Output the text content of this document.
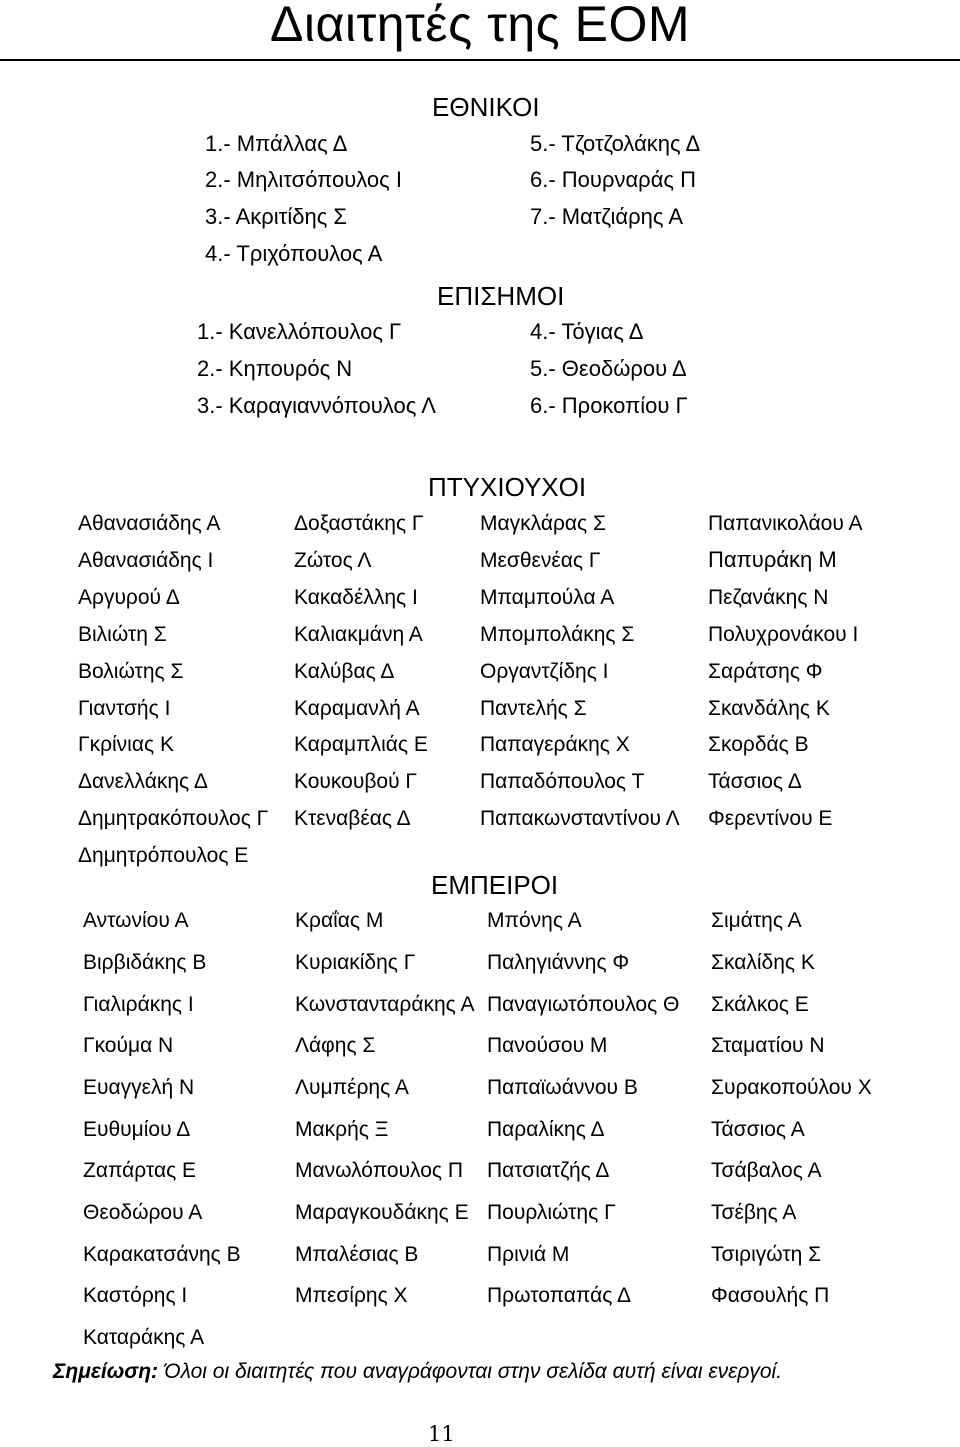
Διαιτητές της ΕΟΜ
ΕΘΝΙΚΟΙ
1.- Μπάλλας Δ
2.- Μηλιτσόπουλος Ι
3.- Ακριτίδης Σ
4.- Τριχόπουλος Α
5.- Τζοτζολάκης Δ
6.- Πουρναράς Π
7.- Ματζιάρης Α
ΕΠΙΣΗΜΟΙ
1.- Κανελλόπουλος Γ
2.- Κηπουρός Ν
3.- Καραγιαννόπουλος Λ
4.- Τόγιας Δ
5.- Θεοδώρου Δ
6.- Προκοπίου Γ
ΠΤΥΧΙΟΥΧΟΙ
Αθανασιάδης Α
Αθανασιάδης Ι
Αργυρού Δ
Βιλιώτη Σ
Βολιώτης Σ
Γιαντσής Ι
Γκρίνιας Κ
Δανελλάκης Δ
Δημητρακόπουλος Γ
Δημητρόπουλος Ε
Δοξαστάκης Γ
Ζώτος Λ
Κακαδέλλης Ι
Καλιακμάνη Α
Καλύβας Δ
Καραμανλή Α
Καραμπλιάς Ε
Κουκουβού Γ
Κτεναβέας Δ
Μαγκλάρας Σ
Μεσθενέας Γ
Μπαμπούλα Α
Μπομπολάκης Σ
Οργαντζίδης Ι
Παντελής Σ
Παπαγεράκης Χ
Παπαδόπουλος Τ
Παπακωνσταντίνου Λ
Παπανικολάου Α
Παπυράκη Μ
Πεζανάκης Ν
Πολυχρονάκου Ι
Σαράτσης Φ
Σκανδάλης Κ
Σκορδάς Β
Τάσσιος Δ
Φερεντίνου Ε
ΕΜΠΕΙΡΟΙ
Αντωνίου Α
Βιρβιδάκης Β
Γιαλιράκης Ι
Γκούμα Ν
Ευαγγελή Ν
Ευθυμίου Δ
Ζαπάρτας Ε
Θεοδώρου Α
Καρακατσάνης Β
Καστόρης Ι
Καταράκης Α
Κραΐας Μ
Κυριακίδης Γ
Κωνστανταράκης Α
Λάφης Σ
Λυμπέρης Α
Μακρής Ξ
Μανωλόπουλος Π
Μαραγκουδάκης Ε
Μπαλέσιας Β
Μπεσίρης Χ
Μπόνης Α
Παληγιάννης Φ
Παναγιωτόπουλος Θ
Πανούσου Μ
Παπαϊωάννου Β
Παραλίκης Δ
Πατσιατζής Δ
Πουρλιώτης Γ
Πρινιά Μ
Πρωτοπαπάς Δ
Σιμάτης Α
Σκαλίδης Κ
Σκάλκος Ε
Σταματίου Ν
Συρακοπούλου Χ
Τάσσιος Α
Τσάβαλος Α
Τσέβης Α
Τσιριγώτη Σ
Φασουλής Π
Σημείωση: Όλοι οι διαιτητές που αναγράφονται στην σελίδα αυτή είναι ενεργοί.
11
